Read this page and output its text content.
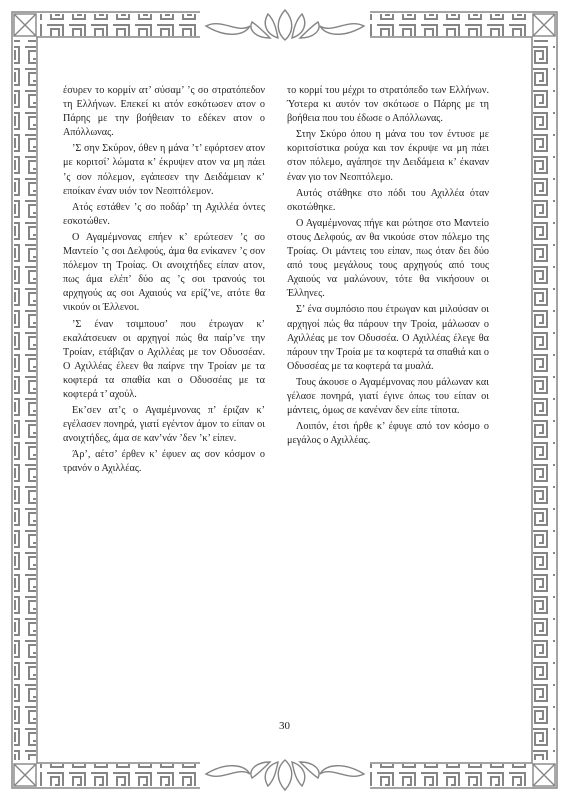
έσυρεν το κορμίν ατ’ σύσαμ’ ’ς σο στρατόπεδον τη Ελλήνων. Επεκεί κι ατόν εσκότωσεν ατον ο Πάρης με την βοήθειαν το εδέκεν ατον ο Απόλλωνας.

’Σ σην Σκύρον, όθεν η μάνα ’τ’ εφόρτσεν ατον με κοριτσί’ λώματα κ’ έκρυψεν ατον να μη πάει ’ς σον πόλεμον, εγάπεσεν την Δειδάμειαν κ’ εποίκαν έναν υιόν τον Νεοπτόλεμον.

Ατός εστάθεν ’ς σο ποδάρ’ τη Αχιλλέα όντες εσκοτώθεν.

Ο Αγαμέμνονας επήεν κ’ ερώτεσεν ’ς σο Μαντείο ’ς σοι Δελφούς, άμα θα ενίκανεν ’ς σον πόλεμον τη Τροίας. Οι ανοιχτήδες είπαν ατον, πως άμα ελέπ’ δύο ας ’ς σοι τρανούς τοι αρχηγούς ας σοι Αχαιούς να ερίζ’νε, ατότε θα νικούν οι Έλλενοι.

’Σ έναν τσιμπουσ’ που έτρωγαν κ’ εκαλάτσευαν οι αρχηγοί πώς θα παίρ’νε την Τροίαν, ετάβιζαν ο Αχιλλέας με τον Οδυσσέαν. Ο Αχιλλέας έλεεν θα παίρνε την Τροίαν με τα κοφτερά τα σπαθία και ο Οδυσσέας με τα κοφτερά τ’ αχούλ.

Εκ’σεν ατ’ς ο Αγαμέμνονας π’ έριζαν κ’ εγέλασεν πονηρά, γιατί εγέντον άμον το είπαν οι ανοιχτήδες, άμα σε καν’νάν ’δεν ’κ’ είπεν.

Άρ’, αέτσ’ έρθεν κ’ έφυεν ας σον κόσμον ο τρανόν ο Αχιλλέας.

το κορμί του μέχρι το στρατόπεδο των Ελλήνων. Ύστερα κι αυτόν τον σκότωσε ο Πάρης με τη βοήθεια που του έδωσε ο Απόλλωνας.

Στην Σκύρο όπου η μάνα του τον έντυσε με κοριτσίστικα ρούχα και τον έκρυψε να μη πάει στον πόλεμο, αγάπησε την Δειδάμεια κ’ έκαναν έναν γιο τον Νεοπτόλεμο.

Αυτός στάθηκε στο πόδι του Αχιλλέα όταν σκοτώθηκε.

Ο Αγαμέμνονας πήγε και ρώτησε στο Μαντείο στους Δελφούς, αν θα νικούσε στον πόλεμο της Τροίας. Οι μάντεις του είπαν, πως όταν δει δύο από τους μεγάλους τους αρχηγούς από τους Αχαιούς να μαλώνουν, τότε θα νικήσουν οι Έλληνες.

Σ’ ένα συμπόσιο που έτρωγαν και μιλούσαν οι αρχηγοί πώς θα πάρουν την Τροία, μάλωσαν ο Αχιλλέας με τον Οδυσσέα. Ο Αχιλλέας έλεγε θα πάρουν την Τροία με τα κοφτερά τα σπαθιά και ο Οδυσσέας με τα κοφτερά τα μυαλά.

Τους άκουσε ο Αγαμέμνονας που μάλωναν και γέλασε πονηρά, γιατί έγινε όπως του είπαν οι μάντεις, όμως σε κανέναν δεν είπε τίποτα.

Λοιπόν, έτσι ήρθε κ’ έφυγε από τον κόσμο ο μεγάλος ο Αχιλλέας.

30
